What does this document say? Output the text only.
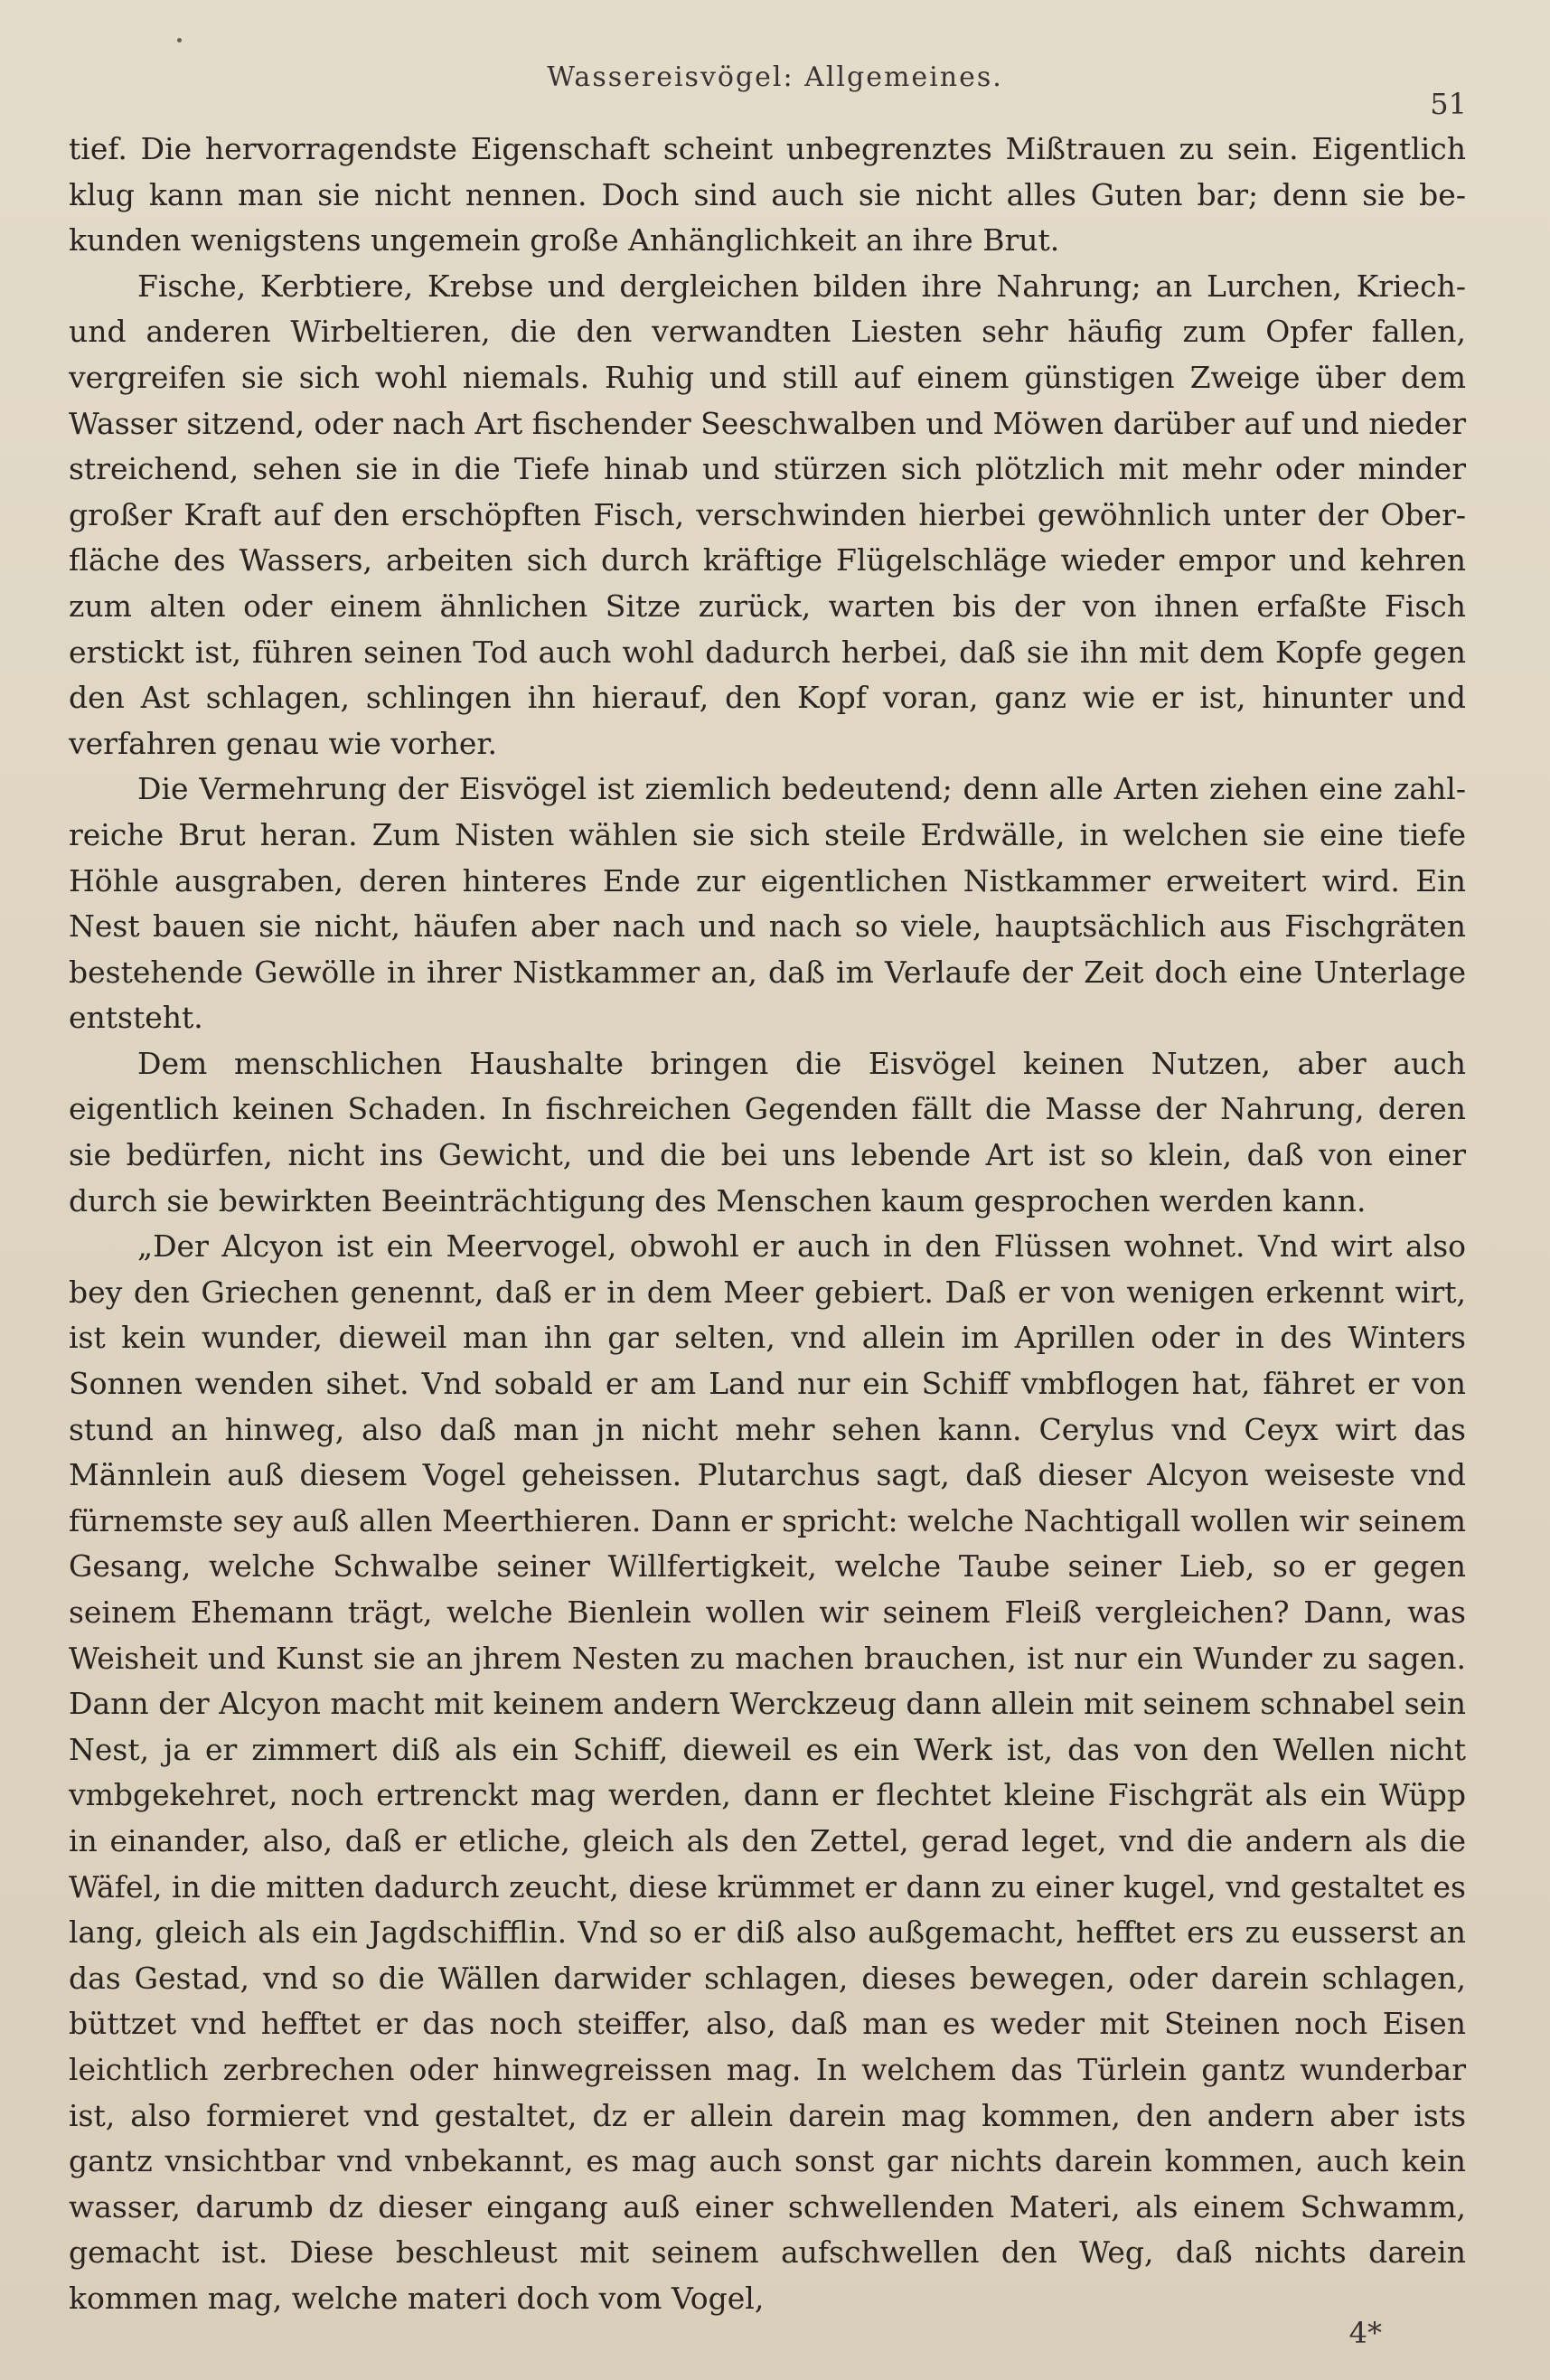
Wassereisvögel: Allgemeines.
51

tief. Die hervorragendste Eigenschaft scheint unbegrenztes Mißtrauen zu sein. Eigentlich klug kann man sie nicht nennen. Doch sind auch sie nicht alles Guten bar; denn sie bekunden wenigstens ungemein große Anhänglichkeit an ihre Brut.

Fische, Kerbtiere, Krebse und dergleichen bilden ihre Nahrung; an Lurchen, Kriechund anderen Wirbeltieren, die den verwandten Liesten sehr häufig zum Opfer fallen, vergreifen sie sich wohl niemals. Ruhig und still auf einem günstigen Zweige über dem Wasser sitzend, oder nach Art fischender Seeschwalben und Möwen darüber auf und nieder streichend, sehen sie in die Tiefe hinab und stürzen sich plötzlich mit mehr oder minder großer Kraft auf den erschöpften Fisch, verschwinden hierbei gewöhnlich unter der Oberfläche des Wassers, arbeiten sich durch kräftige Flügelschläge wieder empor und kehren zum alten oder einem ähnlichen Sitze zurück, warten bis der von ihnen erfaßte Fisch erstickt ist, führen seinen Tod auch wohl dadurch herbei, daß sie ihn mit dem Kopfe gegen den Ast schlagen, schlingen ihn hierauf, den Kopf voran, ganz wie er ist, hinunter und verfahren genau wie vorher.

Die Vermehrung der Eisvögel ist ziemlich bedeutend; denn alle Arten ziehen eine zahlreiche Brut heran. Zum Nisten wählen sie sich steile Erdwälle, in welchen sie eine tiefe Höhle ausgraben, deren hinteres Ende zur eigentlichen Nistkammer erweitert wird. Ein Nest bauen sie nicht, häufen aber nach und nach so viele, hauptsächlich aus Fischgräten bestehende Gewölle in ihrer Nistkammer an, daß im Verlaufe der Zeit doch eine Unterlage entsteht.

Dem menschlichen Haushalte bringen die Eisvögel keinen Nutzen, aber auch eigentlich keinen Schaden. In fischreichen Gegenden fällt die Masse der Nahrung, deren sie bedürfen, nicht ins Gewicht, und die bei uns lebende Art ist so klein, daß von einer durch sie bewirkten Beeinträchtigung des Menschen kaum gesprochen werden kann.

„Der Alcyon ist ein Meervogel, obwohl er auch in den Flüssen wohnet. Vnd wirt also bey den Griechen genennt, daß er in dem Meer gebiert. Daß er von wenigen erkennt wirt, ist kein wunder, dieweil man ihn gar selten, vnd allein im Aprillen oder in des Winters Sonnen wenden sihet. Vnd sobald er am Land nur ein Schiff vmbflogen hat, fähret er von stund an hinweg, also daß man jn nicht mehr sehen kann. Cerylus vnd Ceyx wirt das Männlein auß diesem Vogel geheissen. Plutarchus sagt, daß dieser Alcyon weiseste vnd fürnemste sey auß allen Meerthieren. Dann er spricht: welche Nachtigall wollen wir seinem Gesang, welche Schwalbe seiner Willfertigkeit, welche Taube seiner Lieb, so er gegen seinem Ehemann trägt, welche Bienlein wollen wir seinem Fleiß vergleichen? Dann, was Weisheit und Kunst sie an jhrem Nesten zu machen brauchen, ist nur ein Wunder zu sagen. Dann der Alcyon macht mit keinem andern Werckzeug dann allein mit seinem schnabel sein Nest, ja er zimmert diß als ein Schiff, dieweil es ein Werk ist, das von den Wellen nicht vmbgekehret, noch ertrenckt mag werden, dann er flechtet kleine Fischgrät als ein Wüpp in einander, also, daß er etliche, gleich als den Zettel, gerad leget, vnd die andern als die Wäfel, in die mitten dadurch zeucht, diese krümmet er dann zu einer kugel, vnd gestaltet es lang, gleich als ein Jagdschifflin. Vnd so er diß also außgemacht, hefftet ers zu eusserst an das Gestad, vnd so die Wällen darwider schlagen, dieses bewegen, oder darein schlagen, büttzet vnd hefftet er das noch steiffer, also, daß man es weder mit Steinen noch Eisen leichtlich zerbrechen oder hinwegreissen mag. In welchem das Türlein gantz wunderbar ist, also formieret vnd gestaltet, dz er allein darein mag kommen, den andern aber ists gantz vnsichtbar vnd vnbekannt, es mag auch sonst gar nichts darein kommen, auch kein wasser, darumb dz dieser eingang auß einer schwellenden Materi, als einem Schwamm, gemacht ist. Diese beschleust mit seinem aufschwellen den Weg, daß nichts darein kommen mag, welche materi doch vom Vogel,

4*
